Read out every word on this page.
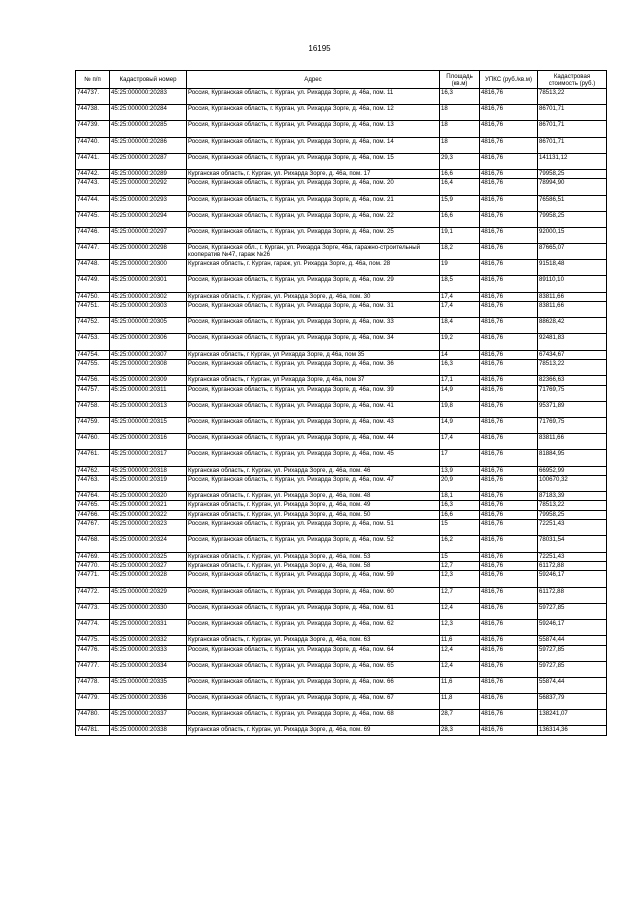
16195
№ п/п	Кадастровый номер	Адрес	Площадь (кв.м)	УПКС (руб./кв.м)	Кадастровая стоимость (руб.)
744737.	45:25:000000:20283	Россия, Курганская область, г. Курган, ул. Рихарда Зорге, д. 46а, пом. 11	16,3	4816,76	78513,22
744738.	45:25:000000:20284	Россия, Курганская область, г. Курган, ул. Рихарда Зорге, д. 46а, пом. 12	18	4816,76	86701,71
744739.	45:25:000000:20285	Россия, Курганская область, г. Курган, ул. Рихарда Зорге, д. 46а, пом. 13	18	4816,76	86701,71
744740.	45:25:000000:20286	Россия, Курганская область, г. Курган, ул. Рихарда Зорге, д. 46а, пом. 14	18	4816,76	86701,71
744741.	45:25:000000:20287	Россия, Курганская область, г. Курган, ул. Рихарда Зорге, д. 46а, пом. 15	29,3	4816,76	141131,12
744742.	45:25:000000:20289	Курганская область, г. Курган, ул. Рихарда Зорге, д. 46а, пом. 17	16,6	4816,76	79958,25
744743.	45:25:000000:20292	Россия, Курганская область, г. Курган, ул. Рихарда Зорге, д. 46а, пом. 20	16,4	4816,76	78994,90
744744.	45:25:000000:20293	Россия, Курганская область, г. Курган, ул. Рихарда Зорге, д. 46а, пом. 21	15,9	4816,76	76586,51
744745.	45:25:000000:20294	Россия, Курганская область, г. Курган, ул. Рихарда Зорге, д. 46а, пом. 22	16,6	4816,76	79958,25
744746.	45:25:000000:20297	Россия, Курганская область, г. Курган, ул. Рихарда Зорге, д. 46а, пом. 25	19,1	4816,76	92000,15
744747.	45:25:000000:20298	Россия, Курганская обл., г. Курган, ул. Рихарда Зорге, 46а, гаражно-строительный кооператив №47, гараж №26	18,2	4816,76	87665,07
744748.	45:25:000000:20300	Курганская область, г. Курган, гараж, ул. Рихарда Зорге, д. 46а, пом. 28	19	4816,76	91518,48
744749.	45:25:000000:20301	Россия, Курганская область, г. Курган, ул. Рихарда Зорге, д. 46а, пом. 29	18,5	4816,76	89110,10
744750.	45:25:000000:20302	Курганская область, г. Курган, ул. Рихарда Зорге, д. 46а, пом. 30	17,4	4816,76	83811,66
744751.	45:25:000000:20303	Россия, Курганская область, г. Курган, ул. Рихарда Зорге, д. 46а, пом. 31	17,4	4816,76	83811,66
744752.	45:25:000000:20305	Россия, Курганская область, г. Курган, ул. Рихарда Зорге, д. 46а, пом. 33	18,4	4816,76	88628,42
744753.	45:25:000000:20306	Россия, Курганская область, г. Курган, ул. Рихарда Зорге, д. 46а, пом. 34	19,2	4816,76	92481,83
744754.	45:25:000000:20307	Курганская область, г Курган, ул Рихарда Зорге, д 46а, пом 35	14	4816,76	67434,67
744755.	45:25:000000:20308	Россия, Курганская область, г. Курган, ул. Рихарда Зорге, д. 46а, пом. 36	16,3	4816,76	78513,22
744756.	45:25:000000:20309	Курганская область, г Курган, ул Рихарда Зорге, д 46а, пом 37	17,1	4816,76	82366,63
744757.	45:25:000000:20311	Россия, Курганская область, г. Курган, ул. Рихарда Зорге, д. 46а, пом. 39	14,9	4816,76	71769,75
744758.	45:25:000000:20313	Россия, Курганская область, г. Курган, ул. Рихарда Зорге, д. 46а, пом. 41	19,8	4816,76	95371,89
744759.	45:25:000000:20315	Россия, Курганская область, г. Курган, ул. Рихарда Зорге, д. 46а, пом. 43	14,9	4816,76	71769,75
744760.	45:25:000000:20316	Россия, Курганская область, г. Курган, ул. Рихарда Зорге, д. 46а, пом. 44	17,4	4816,76	83811,66
744761.	45:25:000000:20317	Россия, Курганская область, г. Курган, ул. Рихарда Зорге, д. 46а, пом. 45	17	4816,76	81884,95
744762.	45:25:000000:20318	Курганская область, г. Курган, ул. Рихарда Зорге, д. 46а, пом. 46	13,9	4816,76	66952,99
744763.	45:25:000000:20319	Россия, Курганская область, г. Курган, ул. Рихарда Зорге, д. 46а, пом. 47	20,9	4816,76	100670,32
744764.	45:25:000000:20320	Курганская область, г. Курган, ул. Рихарда Зорге, д. 46а, пом. 48	18,1	4816,76	87183,39
744765.	45:25:000000:20321	Курганская область, г. Курган, ул. Рихарда Зорге, д. 46а, пом. 49	16,3	4816,76	78513,22
744766.	45:25:000000:20322	Курганская область, г. Курган, ул. Рихарда Зорге, д. 46а, пом. 50	16,6	4816,76	79958,25
744767.	45:25:000000:20323	Россия, Курганская область, г. Курган, ул. Рихарда Зорге, д. 46а, пом. 51	15	4816,76	72251,43
744768.	45:25:000000:20324	Россия, Курганская область, г. Курган, ул. Рихарда Зорге, д. 46а, пом. 52	16,2	4816,76	78031,54
744769.	45:25:000000:20325	Курганская область, г. Курган, ул. Рихарда Зорге, д. 46а, пом. 53	15	4816,76	72251,43
744770.	45:25:000000:20327	Курганская область, г. Курган, ул. Рихарда Зорге, д. 46а, пом. 58	12,7	4816,76	61172,88
744771.	45:25:000000:20328	Россия, Курганская область, г. Курган, ул. Рихарда Зорге, д. 46а, пом. 59	12,3	4816,76	59246,17
744772.	45:25:000000:20329	Россия, Курганская область, г. Курган, ул. Рихарда Зорге, д. 46а, пом. 60	12,7	4816,76	61172,88
744773.	45:25:000000:20330	Россия, Курганская область, г. Курган, ул. Рихарда Зорге, д. 46а, пом. 61	12,4	4816,76	59727,85
744774.	45:25:000000:20331	Россия, Курганская область, г. Курган, ул. Рихарда Зорге, д. 46а, пом. 62	12,3	4816,76	59246,17
744775.	45:25:000000:20332	Курганская область, г. Курган, ул. Рихарда Зорге, д. 46а, пом. 63	11,6	4816,76	55874,44
744776.	45:25:000000:20333	Россия, Курганская область, г. Курган, ул. Рихарда Зорге, д. 46а, пом. 64	12,4	4816,76	59727,85
744777.	45:25:000000:20334	Россия, Курганская область, г. Курган, ул. Рихарда Зорге, д. 46а, пом. 65	12,4	4816,76	59727,85
744778.	45:25:000000:20335	Россия, Курганская область, г. Курган, ул. Рихарда Зорге, д. 46а, пом. 66	11,6	4816,76	55874,44
744779.	45:25:000000:20336	Россия, Курганская область, г. Курган, ул. Рихарда Зорге, д. 46а, пом. 67	11,8	4816,76	56837,79
744780.	45:25:000000:20337	Россия, Курганская область, г. Курган, ул. Рихарда Зорге, д. 46а, пом. 68	28,7	4816,76	138241,07
744781.	45:25:000000:20338	Курганская область, г. Курган, ул. Рихарда Зорге, д. 46а, пом. 69	28,3	4816,76	136314,36
